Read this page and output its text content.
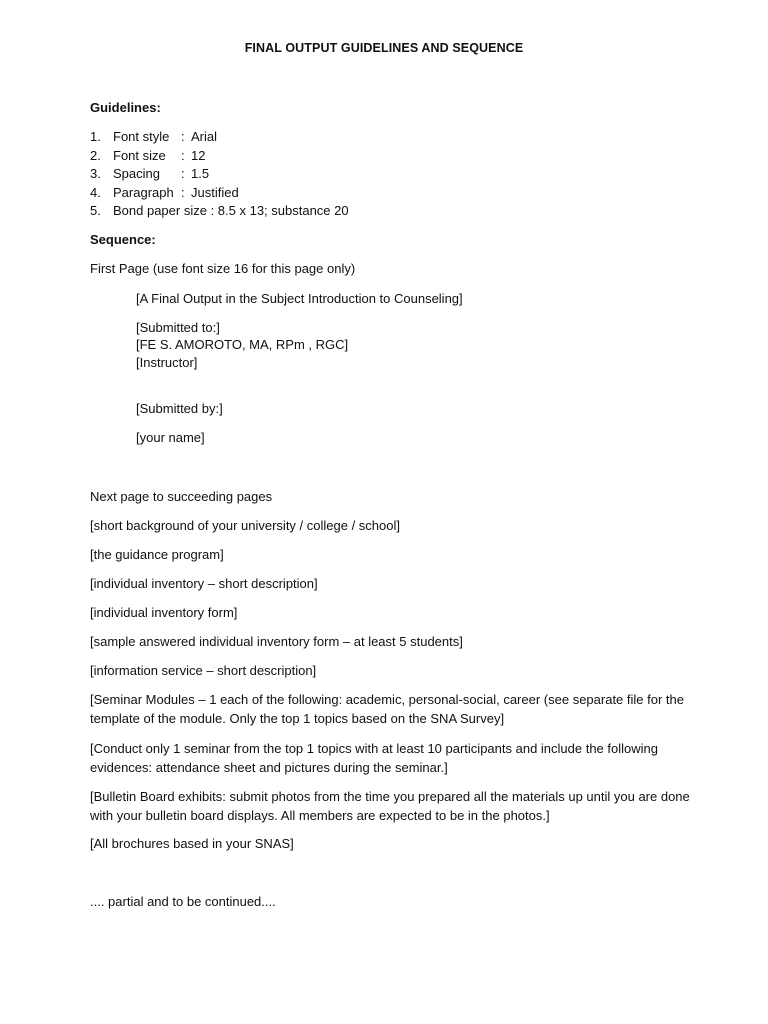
FINAL OUTPUT GUIDELINES AND SEQUENCE
Guidelines:
1. Font style : Arial
2. Font size : 12
3. Spacing : 1.5
4. Paragraph : Justified
5. Bond paper size : 8.5 x 13; substance 20
Sequence:
First Page (use font size 16 for this page only)
[A Final Output in the Subject Introduction to Counseling]
[Submitted to:]
[FE S. AMOROTO, MA, RPm , RGC]
[Instructor]
[Submitted by:]
[your name]
Next page to succeeding pages
[short background of your university / college / school]
[the guidance program]
[individual inventory – short description]
[individual inventory form]
[sample answered individual inventory form – at least 5 students]
[information service – short description]
[Seminar Modules – 1 each of the following: academic, personal-social, career (see separate file for the template of the module. Only the top 1 topics based on the SNA Survey]
[Conduct only 1 seminar from the top 1 topics with at least 10 participants and include the following evidences: attendance sheet and pictures during the seminar.]
[Bulletin Board exhibits: submit photos from the time you prepared all the materials up until you are done with your bulletin board displays. All members are expected to be in the photos.]
[All brochures based in your SNAS]
.... partial and to be continued....
